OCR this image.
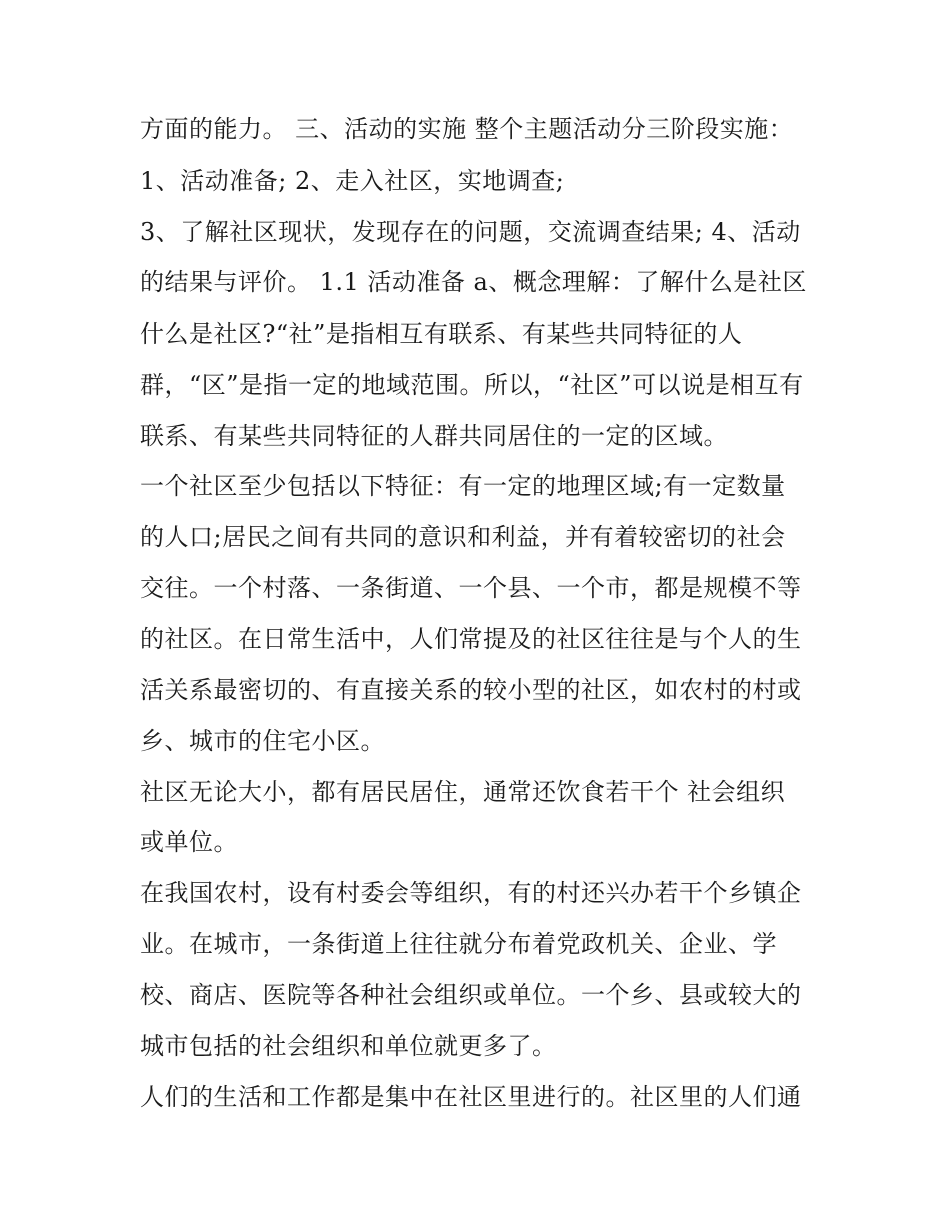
方面的能力。 三、活动的实施 整个主题活动分三阶段实施：
1、活动准备; 2、走入社区，实地调查;
3、了解社区现状，发现存在的问题，交流调查结果; 4、活动
的结果与评价。 1.1 活动准备 a、概念理解：了解什么是社区
什么是社区?“社”是指相互有联系、有某些共同特征的人
群，“区”是指一定的地域范围。所以，“社区”可以说是相互有
联系、有某些共同特征的人群共同居住的一定的区域。
一个社区至少包括以下特征：有一定的地理区域;有一定数量
的人口;居民之间有共同的意识和利益，并有着较密切的社会
交往。一个村落、一条街道、一个县、一个市，都是规模不等
的社区。在日常生活中，人们常提及的社区往往是与个人的生
活关系最密切的、有直接关系的较小型的社区，如农村的村或
乡、城市的住宅小区。
社区无论大小，都有居民居住，通常还饮食若干个 社会组织
或单位。
在我国农村，设有村委会等组织，有的村还兴办若干个乡镇企
业。在城市，一条街道上往往就分布着党政机关、企业、学
校、商店、医院等各种社会组织或单位。一个乡、县或较大的
城市包括的社会组织和单位就更多了。
人们的生活和工作都是集中在社区里进行的。社区里的人们通
